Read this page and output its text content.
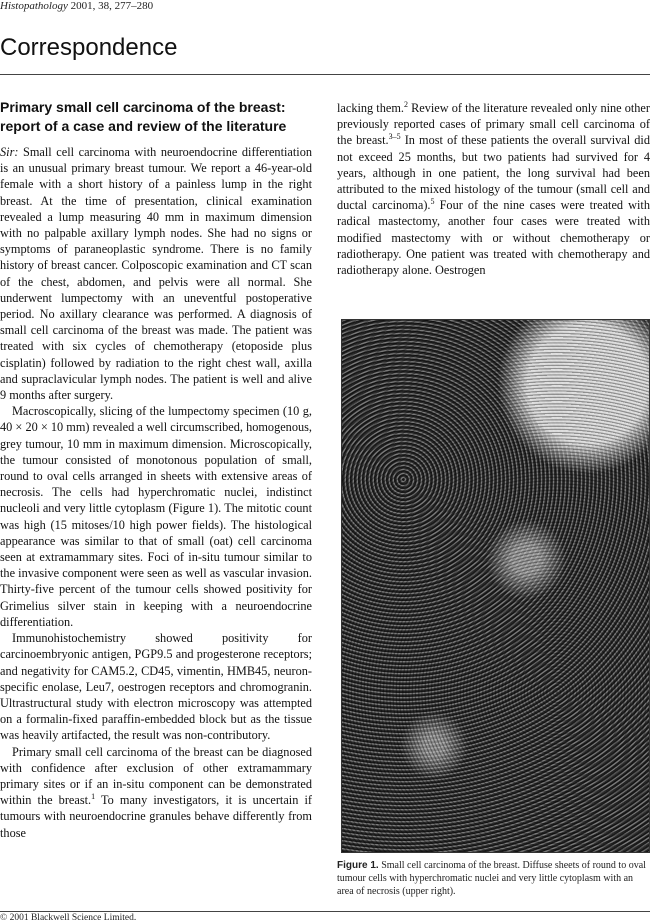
Histopathology 2001, 38, 277–280
Correspondence
Primary small cell carcinoma of the breast: report of a case and review of the literature

Sir: Small cell carcinoma with neuroendocrine differentiation is an unusual primary breast tumour. We report a 46-year-old female with a short history of a painless lump in the right breast. At the time of presentation, clinical examination revealed a lump measuring 40 mm in maximum dimension with no palpable axillary lymph nodes. She had no signs or symptoms of paraneoplastic syndrome. There is no family history of breast cancer. Colposcopic examination and CT scan of the chest, abdomen, and pelvis were all normal. She underwent lumpectomy with an uneventful postoperative period. No axillary clearance was performed. A diagnosis of small cell carcinoma of the breast was made. The patient was treated with six cycles of chemotherapy (etoposide plus cisplatin) followed by radiation to the right chest wall, axilla and supraclavicular lymph nodes. The patient is well and alive 9 months after surgery.

Macroscopically, slicing of the lumpectomy specimen (10 g, 40 × 20 × 10 mm) revealed a well circumscribed, homogenous, grey tumour, 10 mm in maximum dimension. Microscopically, the tumour consisted of monotonous population of small, round to oval cells arranged in sheets with extensive areas of necrosis. The cells had hyperchromatic nuclei, indistinct nucleoli and very little cytoplasm (Figure 1). The mitotic count was high (15 mitoses/10 high power fields). The histological appearance was similar to that of small (oat) cell carcinoma seen at extramammary sites. Foci of in-situ tumour similar to the invasive component were seen as well as vascular invasion. Thirty-five percent of the tumour cells showed positivity for Grimelius silver stain in keeping with a neuroendocrine differentiation.

Immunohistochemistry showed positivity for carcinoembryonic antigen, PGP9.5 and progesterone receptors; and negativity for CAM5.2, CD45, vimentin, HMB45, neuron-specific enolase, Leu7, oestrogen receptors and chromogranin. Ultrastructural study with electron microscopy was attempted on a formalin-fixed paraffin-embedded block but as the tissue was heavily artifacted, the result was non-contributory.

Primary small cell carcinoma of the breast can be diagnosed with confidence after exclusion of other extramammary primary sites or if an in-situ component can be demonstrated within the breast.$^1$ To many investigators, it is uncertain if tumours with neuroendocrine granules behave differently from those

lacking them.$^2$ Review of the literature revealed only nine other previously reported cases of primary small cell carcinoma of the breast.$^{3-5}$ In most of these patients the overall survival did not exceed 25 months, but two patients had survived for 4 years, although in one patient, the long survival had been attributed to the mixed histology of the tumour (small cell and ductal carcinoma).$^5$ Four of the nine cases were treated with radical mastectomy, another four cases were treated with modified mastectomy with or without chemotherapy or radiotherapy. One patient was treated with chemotherapy and radiotherapy alone. Oestrogen

Figure 1. Small cell carcinoma of the breast. Diffuse sheets of round to oval tumour cells with hyperchromatic nuclei and very little cytoplasm with an area of necrosis (upper right).
© 2001 Blackwell Science Limited.
